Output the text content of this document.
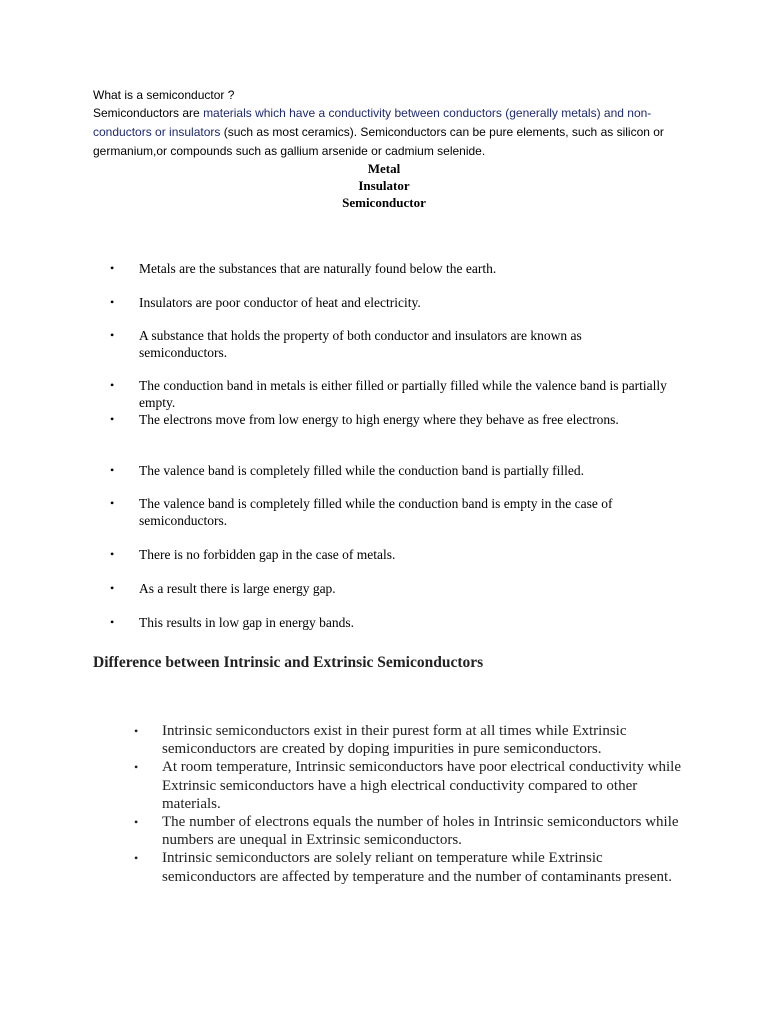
What is a semiconductor ?

Semiconductors are materials which have a conductivity between conductors (generally metals) and non-conductors or insulators (such as most ceramics). Semiconductors can be pure elements, such as silicon or germanium,or compounds such as gallium arsenide or cadmium selenide.

Metal
Insulator
Semiconductor
• Metals are the substances that are naturally found below the earth.
• Insulators are poor conductor of heat and electricity.
• A substance that holds the property of both conductor and insulators are known as semiconductors.
• The conduction band in metals is either filled or partially filled while the valence band is partially empty.
• The electrons move from low energy to high energy where they behave as free electrons.
• The valence band is completely filled while the conduction band is partially filled.
• The valence band is completely filled while the conduction band is empty in the case of semiconductors.
• There is no forbidden gap in the case of metals.
• As a result there is large energy gap.
• This results in low gap in energy bands.
Difference between Intrinsic and Extrinsic Semiconductors
• Intrinsic semiconductors exist in their purest form at all times while Extrinsic semiconductors are created by doping impurities in pure semiconductors.
• At room temperature, Intrinsic semiconductors have poor electrical conductivity while Extrinsic semiconductors have a high electrical conductivity compared to other materials.
• The number of electrons equals the number of holes in Intrinsic semiconductors while numbers are unequal in Extrinsic semiconductors.
• Intrinsic semiconductors are solely reliant on temperature while Extrinsic semiconductors are affected by temperature and the number of contaminants present.
